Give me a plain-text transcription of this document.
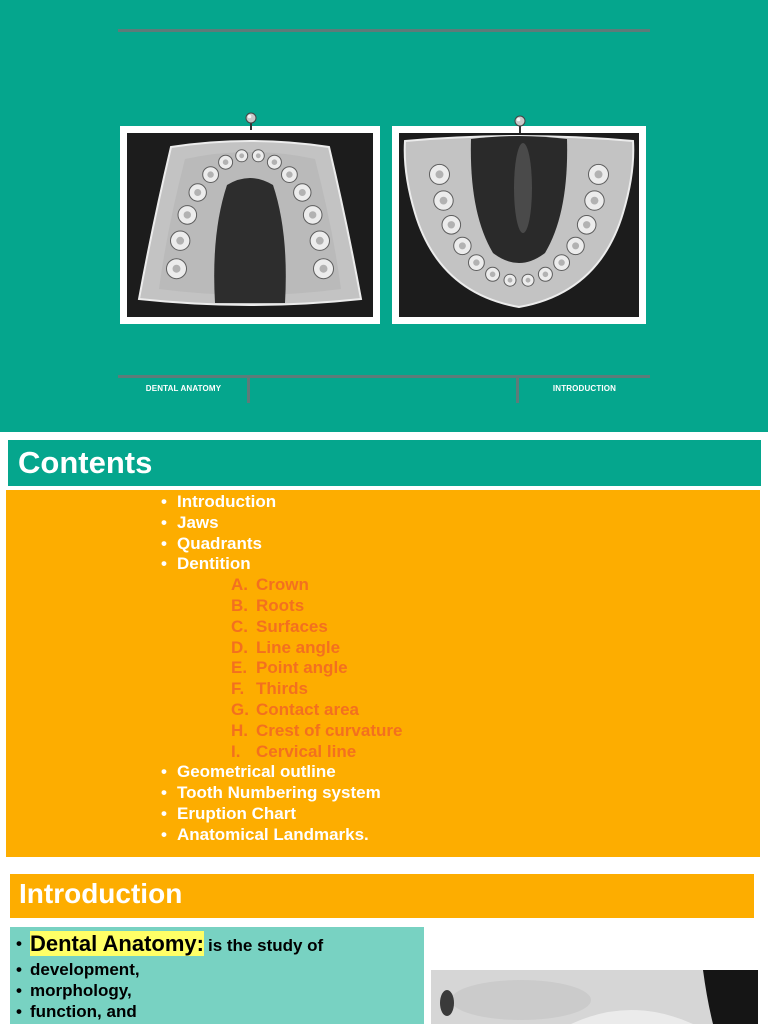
DENTAL ANATOMY	INTRODUCTION
Contents
• Introduction
• Jaws
• Quadrants
• Dentition
A. Crown
B. Roots
C. Surfaces
D. Line angle
E. Point angle
F. Thirds
G. Contact area
H. Crest of curvature
I. Cervical line
• Geometrical outline
• Tooth Numbering system
• Eruption Chart
• Anatomical Landmarks.
Introduction
• Dental Anatomy: is the study of
• development,
• morphology,
• function, and
